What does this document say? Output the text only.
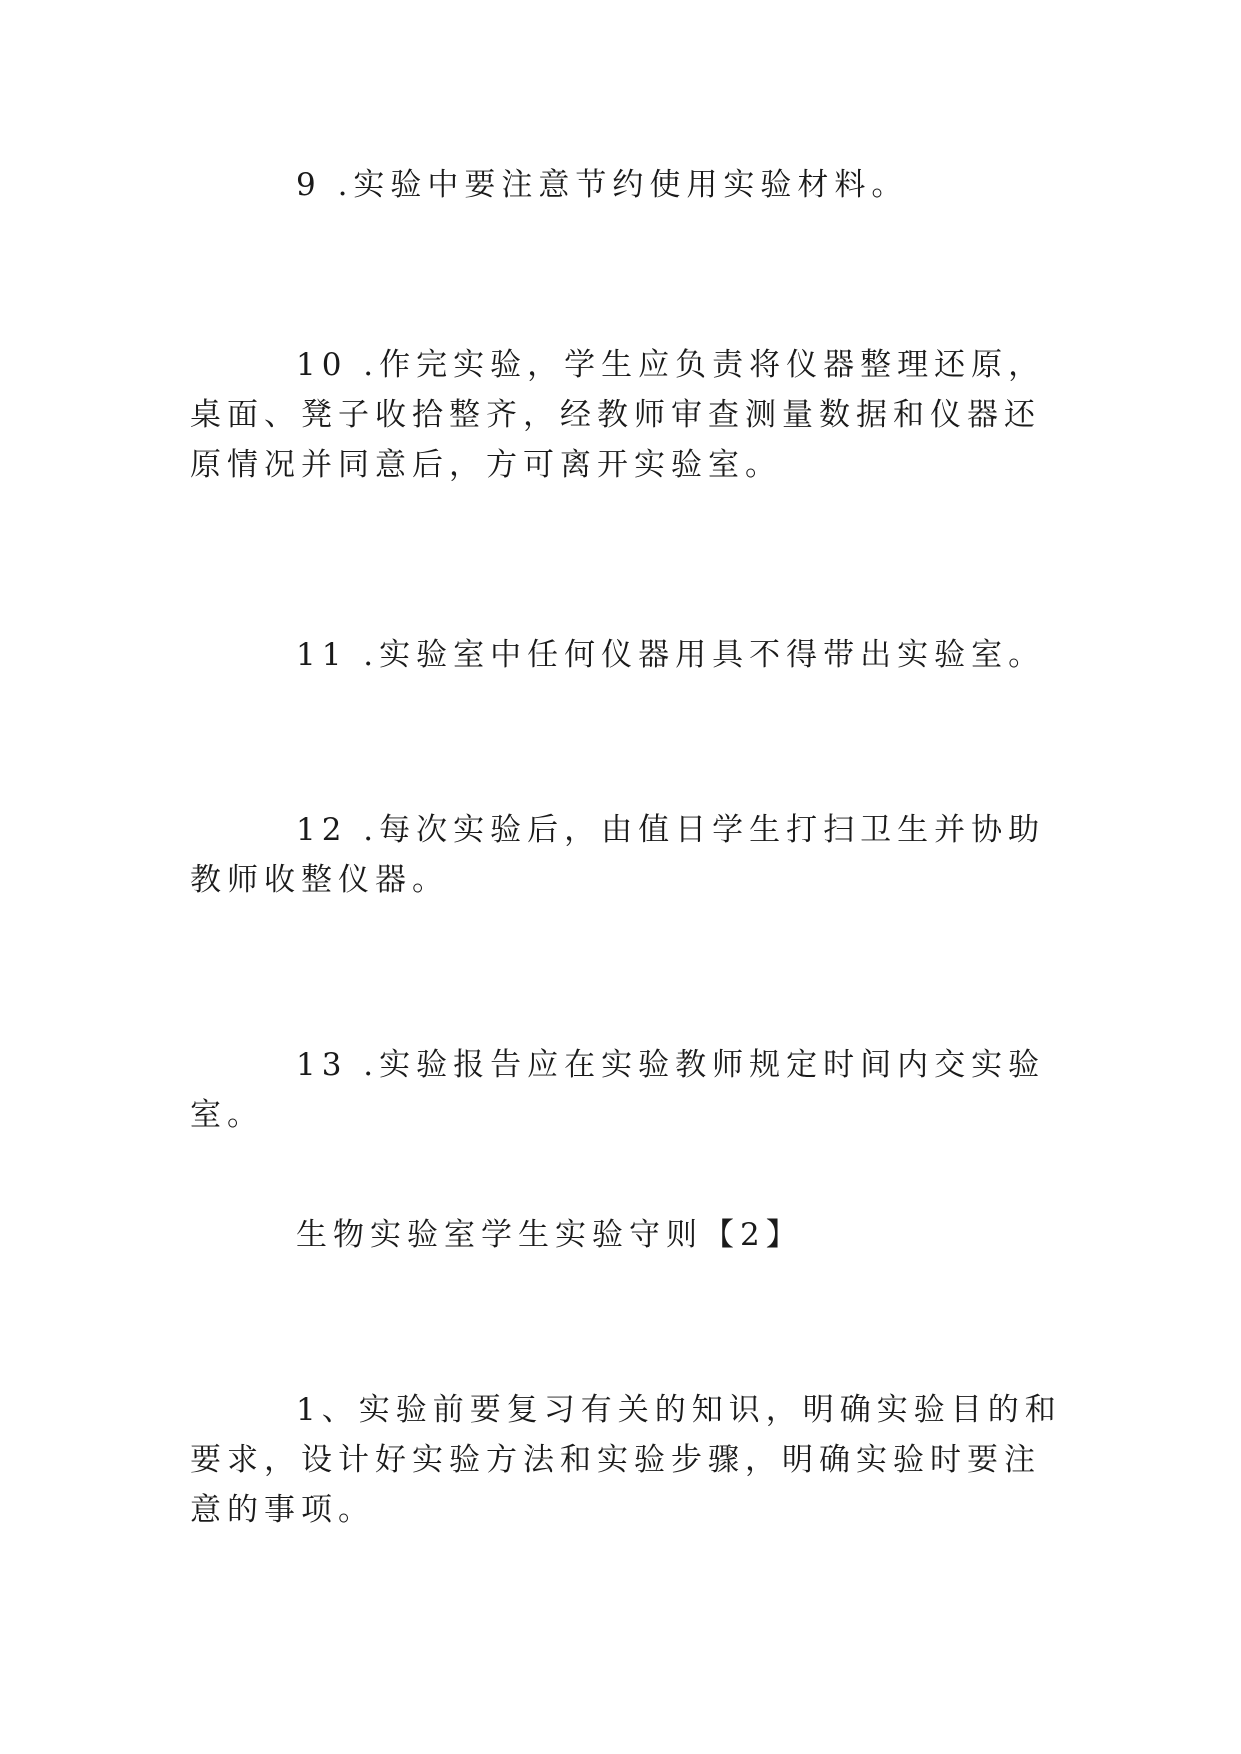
9 .实验中要注意节约使用实验材料。

10 .作完实验，学生应负责将仪器整理还原，桌面、凳子收拾整齐，经教师审查测量数据和仪器还原情况并同意后，方可离开实验室。

11 .实验室中任何仪器用具不得带出实验室。

12 .每次实验后，由值日学生打扫卫生并协助教师收整仪器。

13 .实验报告应在实验教师规定时间内交实验室。

生物实验室学生实验守则【2】

1、实验前要复习有关的知识，明确实验目的和要求，设计好实验方法和实验步骤，明确实验时要注意的事项。
